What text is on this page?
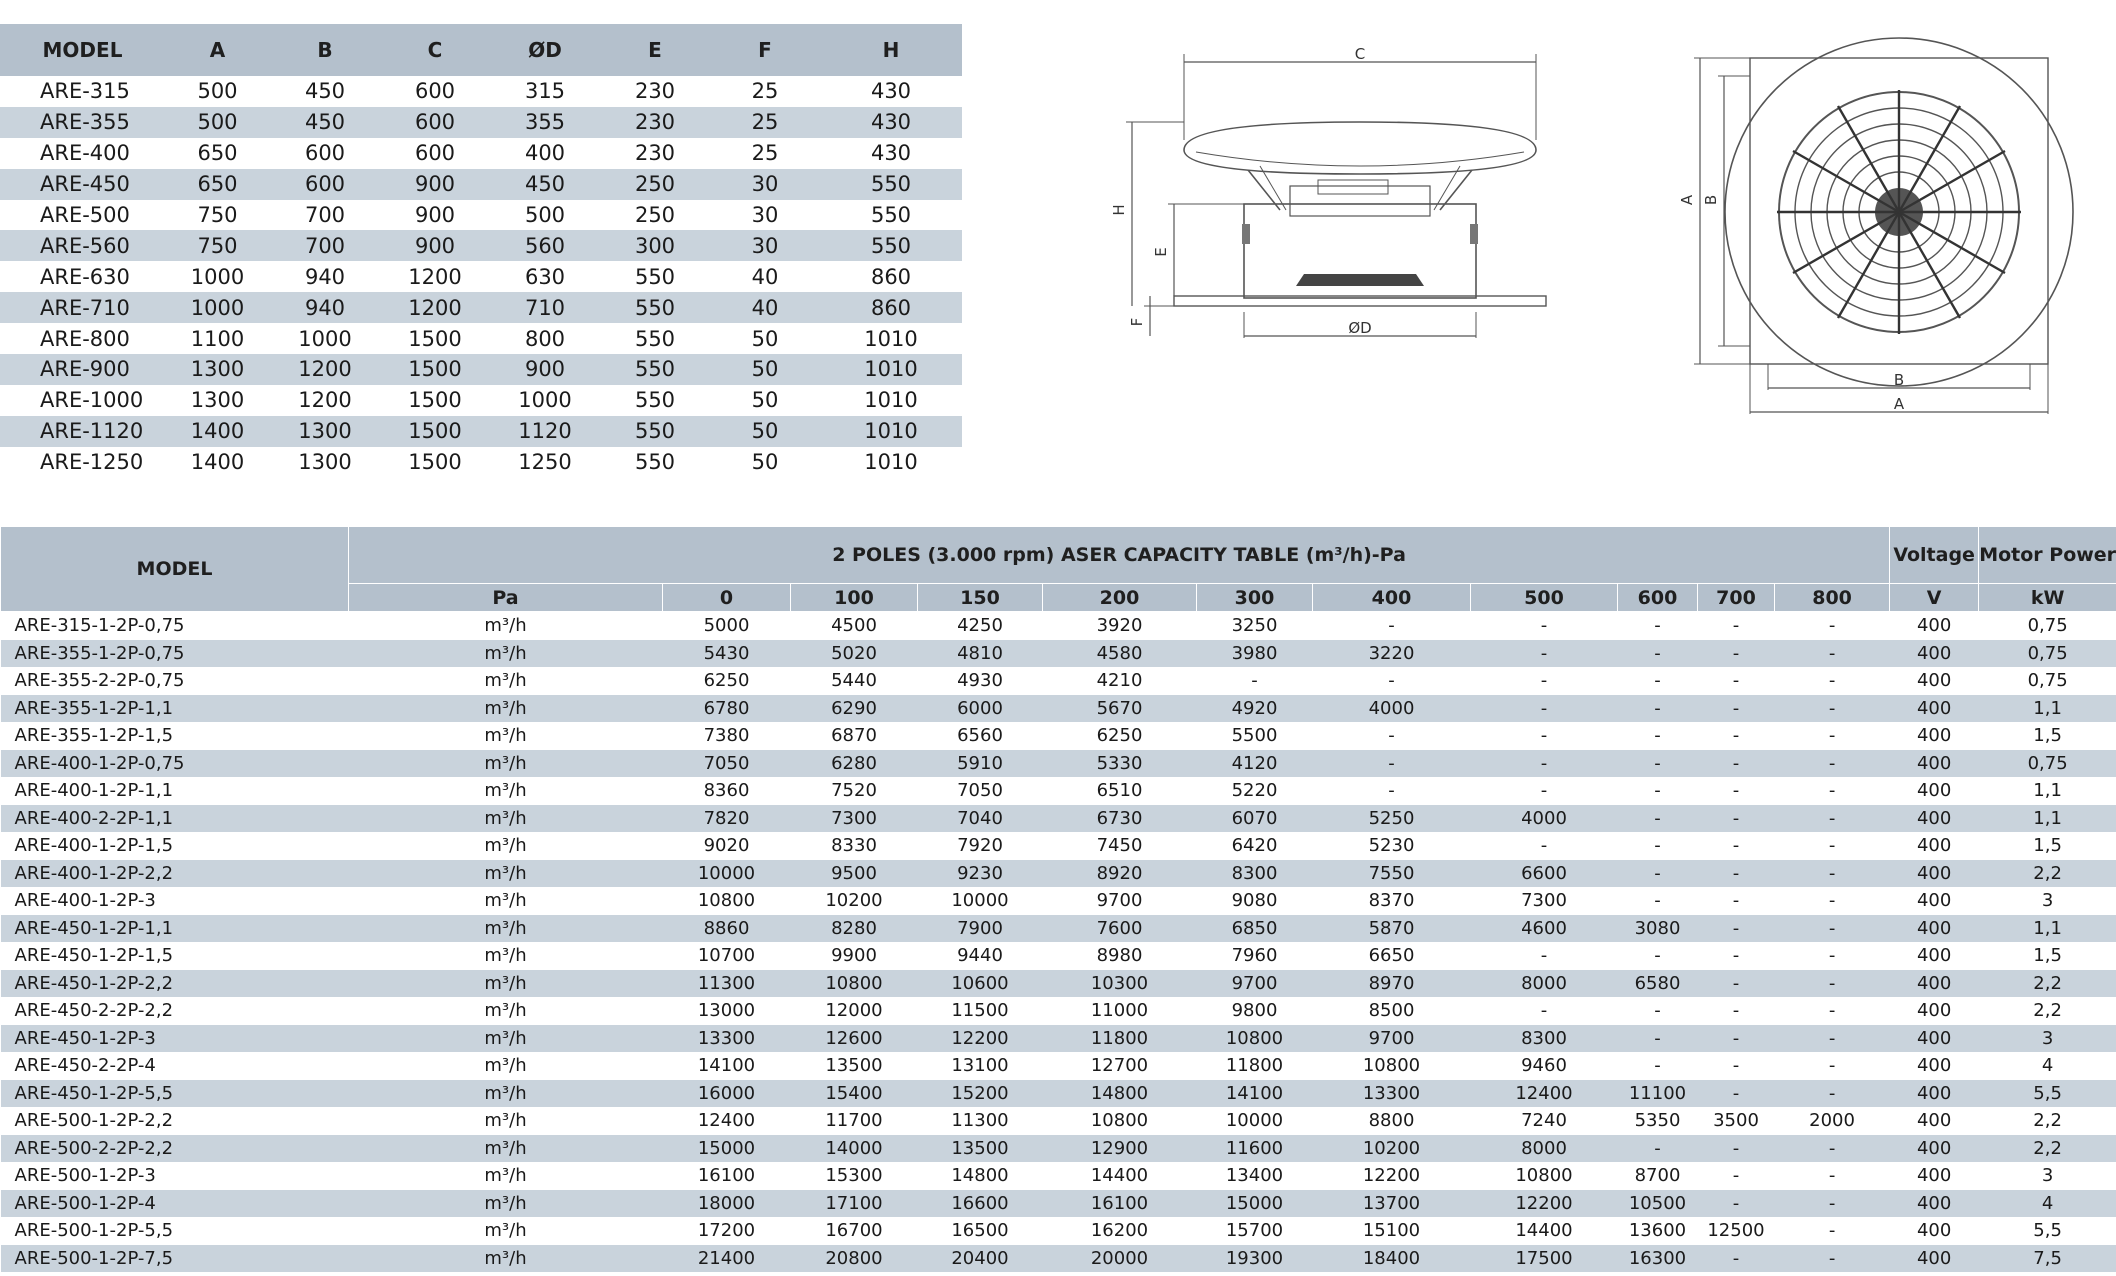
MODEL	A	B	C	ØD	E	F	H
ARE-315	500	450	600	315	230	25	430
ARE-355	500	450	600	355	230	25	430
ARE-400	650	600	600	400	230	25	430
ARE-450	650	600	900	450	250	30	550
ARE-500	750	700	900	500	250	30	550
ARE-560	750	700	900	560	300	30	550
ARE-630	1000	940	1200	630	550	40	860
ARE-710	1000	940	1200	710	550	40	860
ARE-800	1100	1000	1500	800	550	50	1010
ARE-900	1300	1200	1500	900	550	50	1010
ARE-1000	1300	1200	1500	1000	550	50	1010
ARE-1120	1400	1300	1500	1120	550	50	1010
ARE-1250	1400	1300	1500	1250	550	50	1010
C
H
E
F	ØD
A B
B
A
MODEL	2 POLES (3.000 rpm) ASER CAPACITY TABLE (m³/h)-Pa											Voltage	Motor Power
	Pa	0	100	150	200	300	400	500	600	700	800	V	kW
ARE-315-1-2P-0,75	m³/h	5000	4500	4250	3920	3250	-	-	-	-	-	400	0,75
ARE-355-1-2P-0,75	m³/h	5430	5020	4810	4580	3980	3220	-	-	-	-	400	0,75
ARE-355-2-2P-0,75	m³/h	6250	5440	4930	4210	-	-	-	-	-	-	400	0,75
ARE-355-1-2P-1,1	m³/h	6780	6290	6000	5670	4920	4000	-	-	-	-	400	1,1
ARE-355-1-2P-1,5	m³/h	7380	6870	6560	6250	5500	-	-	-	-	-	400	1,5
ARE-400-1-2P-0,75	m³/h	7050	6280	5910	5330	4120	-	-	-	-	-	400	0,75
ARE-400-1-2P-1,1	m³/h	8360	7520	7050	6510	5220	-	-	-	-	-	400	1,1
ARE-400-2-2P-1,1	m³/h	7820	7300	7040	6730	6070	5250	4000	-	-	-	400	1,1
ARE-400-1-2P-1,5	m³/h	9020	8330	7920	7450	6420	5230	-	-	-	-	400	1,5
ARE-400-1-2P-2,2	m³/h	10000	9500	9230	8920	8300	7550	6600	-	-	-	400	2,2
ARE-400-1-2P-3	m³/h	10800	10200	10000	9700	9080	8370	7300	-	-	-	400	3
ARE-450-1-2P-1,1	m³/h	8860	8280	7900	7600	6850	5870	4600	3080	-	-	400	1,1
ARE-450-1-2P-1,5	m³/h	10700	9900	9440	8980	7960	6650	-	-	-	-	400	1,5
ARE-450-1-2P-2,2	m³/h	11300	10800	10600	10300	9700	8970	8000	6580	-	-	400	2,2
ARE-450-2-2P-2,2	m³/h	13000	12000	11500	11000	9800	8500	-	-	-	-	400	2,2
ARE-450-1-2P-3	m³/h	13300	12600	12200	11800	10800	9700	8300	-	-	-	400	3
ARE-450-2-2P-4	m³/h	14100	13500	13100	12700	11800	10800	9460	-	-	-	400	4
ARE-450-1-2P-5,5	m³/h	16000	15400	15200	14800	14100	13300	12400	11100	-	-	400	5,5
ARE-500-1-2P-2,2	m³/h	12400	11700	11300	10800	10000	8800	7240	5350	3500	2000	400	2,2
ARE-500-2-2P-2,2	m³/h	15000	14000	13500	12900	11600	10200	8000	-	-	-	400	2,2
ARE-500-1-2P-3	m³/h	16100	15300	14800	14400	13400	12200	10800	8700	-	-	400	3
ARE-500-1-2P-4	m³/h	18000	17100	16600	16100	15000	13700	12200	10500	-	-	400	4
ARE-500-1-2P-5,5	m³/h	17200	16700	16500	16200	15700	15100	14400	13600	12500	-	400	5,5
ARE-500-1-2P-7,5	m³/h	21400	20800	20400	20000	19300	18400	17500	16300	-	-	400	7,5
